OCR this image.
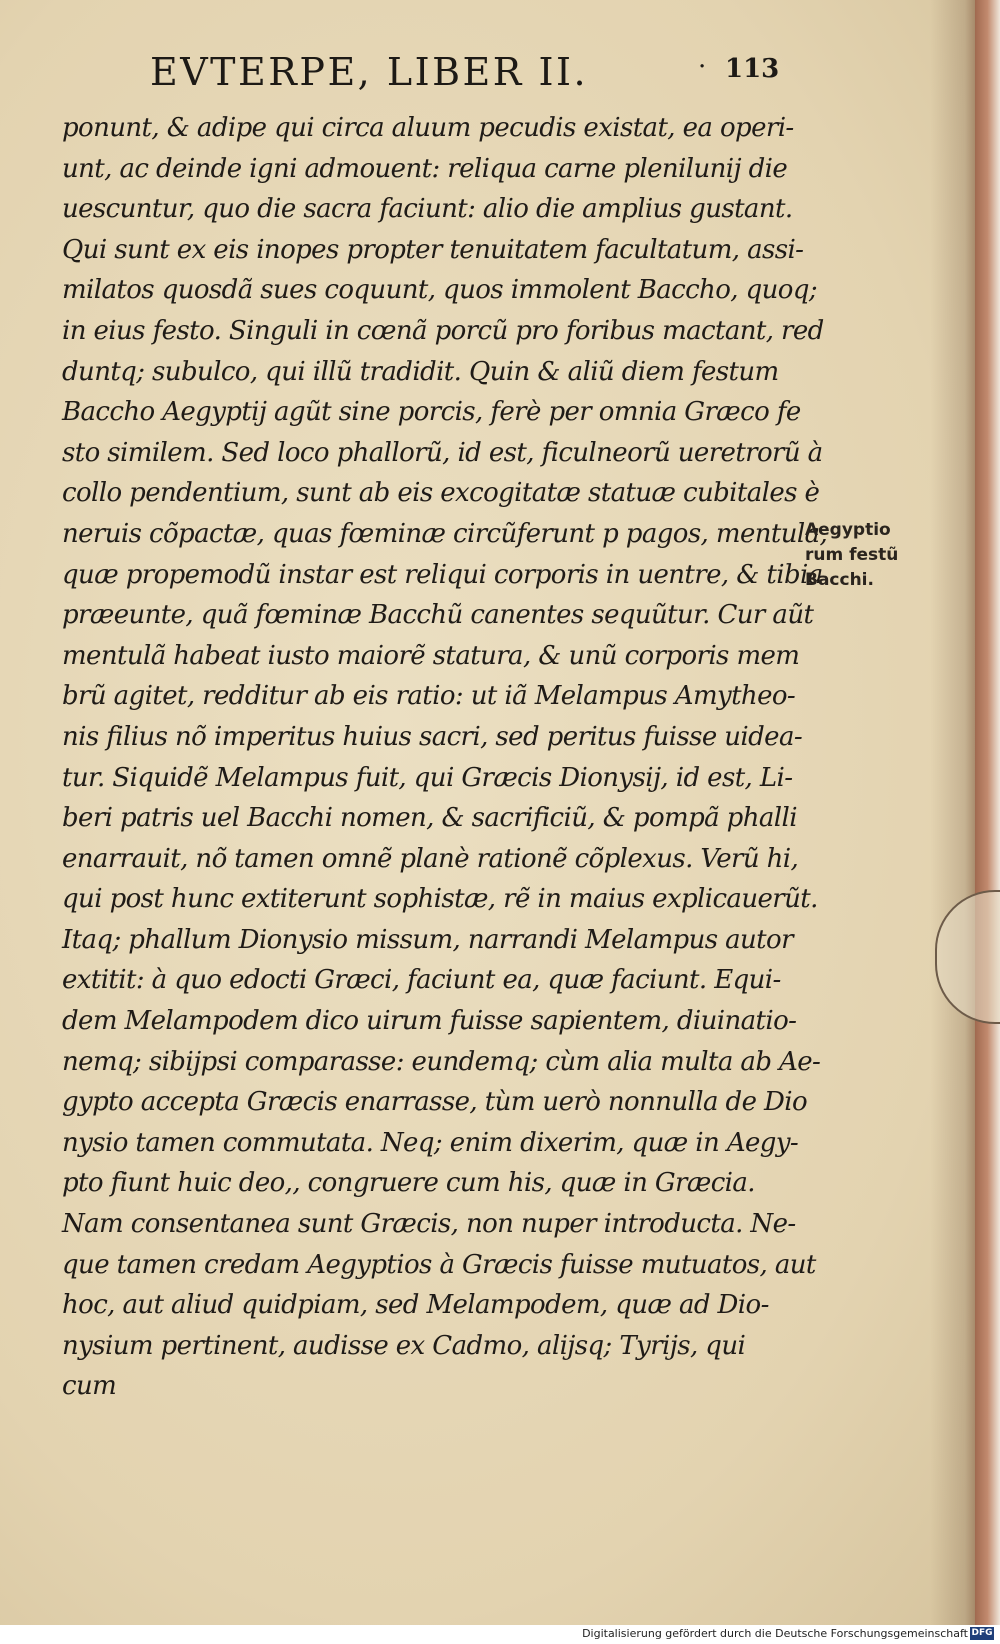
EVTERPE, LIBER II.	· 113
ponunt, & adipe qui circa aluum pecudis existat, ea operi-
unt, ac deinde igni admouent: reliqua carne plenilunij die
uescuntur, quo die sacra faciunt: alio die amplius gustant.
Qui sunt ex eis inopes propter tenuitatem facultatum, assi-
milatos quosdã sues coquunt, quos immolent Baccho, quoq;
in eius festo. Singuli in cœnã porcũ pro foribus mactant, red
duntq; subulco, qui illũ tradidit. Quin & aliũ diem festum
Baccho Aegyptij agũt sine porcis, ferè per omnia Græco fe
sto similem. Sed loco phallorũ, id est, ficulneorũ ueretrorũ à
collo pendentium, sunt ab eis excogitatæ statuæ cubitales è
neruis cõpactæ, quas fœminæ circũferunt p pagos, mentula,
quæ propemodũ instar est reliqui corporis in uentre, & tibia
præeunte, quã fœminæ Bacchũ canentes sequũtur. Cur aũt
mentulã habeat iusto maiorẽ statura, & unũ corporis mem
brũ agitet, redditur ab eis ratio: ut iã Melampus Amytheo-
nis filius nõ imperitus huius sacri, sed peritus fuisse uidea-
tur. Siquidẽ Melampus fuit, qui Græcis Dionysij, id est, Li-
beri patris uel Bacchi nomen, & sacrificiũ, & pompã phalli
enarrauit, nõ tamen omnẽ planè rationẽ cõplexus. Verũ hi,
qui post hunc extiterunt sophistæ, rẽ in maius explicauerũt.
Itaq; phallum Dionysio missum, narrandi Melampus autor
extitit: à quo edocti Græci, faciunt ea, quæ faciunt. Equi-
dem Melampodem dico uirum fuisse sapientem, diuinatio-
nemq; sibijpsi comparasse: eundemq; cùm alia multa ab Ae-
gypto accepta Græcis enarrasse, tùm uerò nonnulla de Dio
nysio tamen commutata. Neq; enim dixerim, quæ in Aegy-
pto fiunt huic deo,, congruere cum his, quæ in Græcia.
Nam consentanea sunt Græcis, non nuper introducta. Ne-
que tamen credam Aegyptios à Græcis fuisse mutuatos, aut
hoc, aut aliud quidpiam, sed Melampodem, quæ ad Dio-
nysium pertinent, audisse ex Cadmo, alijsq; Tyrijs, qui
cum
Aegyptio
rum festũ
Bacchi.
Digitalisierung gefördert durch die Deutsche Forschungsgemeinschaft DFG
